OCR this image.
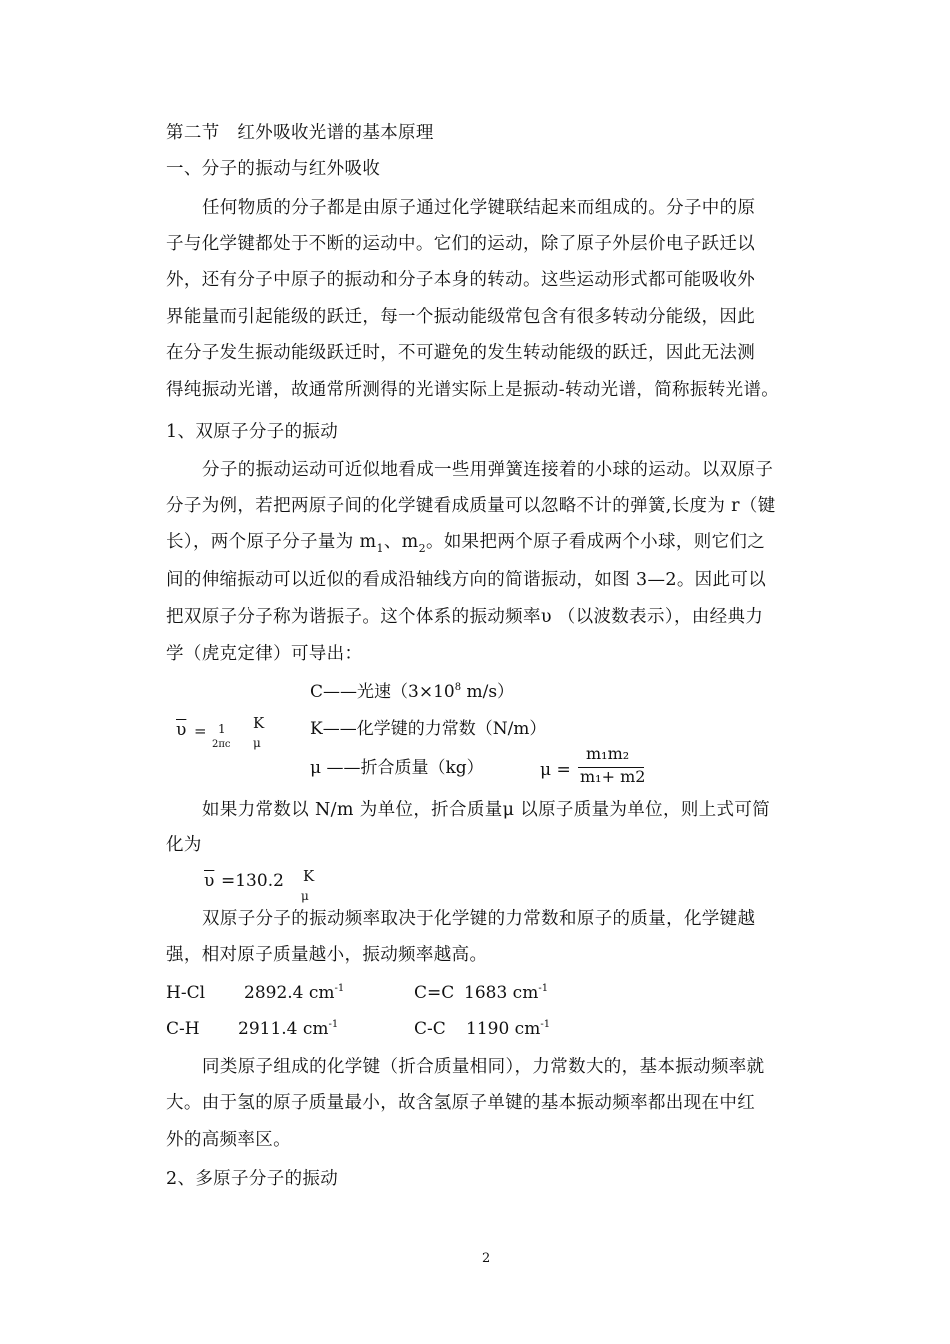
第二节　红外吸收光谱的基本原理
一、分子的振动与红外吸收
任何物质的分子都是由原子通过化学键联结起来而组成的。分子中的原
子与化学键都处于不断的运动中。它们的运动，除了原子外层价电子跃迁以
外，还有分子中原子的振动和分子本身的转动。这些运动形式都可能吸收外
界能量而引起能级的跃迁，每一个振动能级常包含有很多转动分能级，因此
在分子发生振动能级跃迁时，不可避免的发生转动能级的跃迁，因此无法测
得纯振动光谱，故通常所测得的光谱实际上是振动-转动光谱，简称振转光谱。
1、双原子分子的振动
分子的振动运动可近似地看成一些用弹簧连接着的小球的运动。以双原子
分子为例，若把两原子间的化学键看成质量可以忽略不计的弹簧,长度为 r（键
长），两个原子分子量为 $m_1$、$m_2$。如果把两个原子看成两个小球，则它们之
间的伸缩振动可以近似的看成沿轴线方向的简谐振动，如图 3—2。因此可以
把双原子分子称为谐振子。这个体系的振动频率υ （以波数表示），由经典力
学（虎克定律）可导出：
$\overline{\upsilon} = 1$
2πc
K
μ
C——光速（$3\times 10^8$ m/s）
K——化学键的力常数（N/m）
μ ——折合质量（kg）	μ =
m₁m₂
m₁+ m2
如果力常数以 N/m 为单位，折合质量μ 以原子质量为单位，则上式可简
化为
$\overline{\upsilon} =130.2$ K
μ
双原子分子的振动频率取决于化学键的力常数和原子的质量，化学键越
强，相对原子质量越小，振动频率越高。
H-Cl 2892.4 $cm^{-1}$	C=C 1683 $cm^{-1}$
C-H 2911.4 $cm^{-1}$	C-C 1190 $cm^{-1}$
同类原子组成的化学键（折合质量相同），力常数大的，基本振动频率就
大。由于氢的原子质量最小，故含氢原子单键的基本振动频率都出现在中红
外的高频率区。
2、多原子分子的振动
2
